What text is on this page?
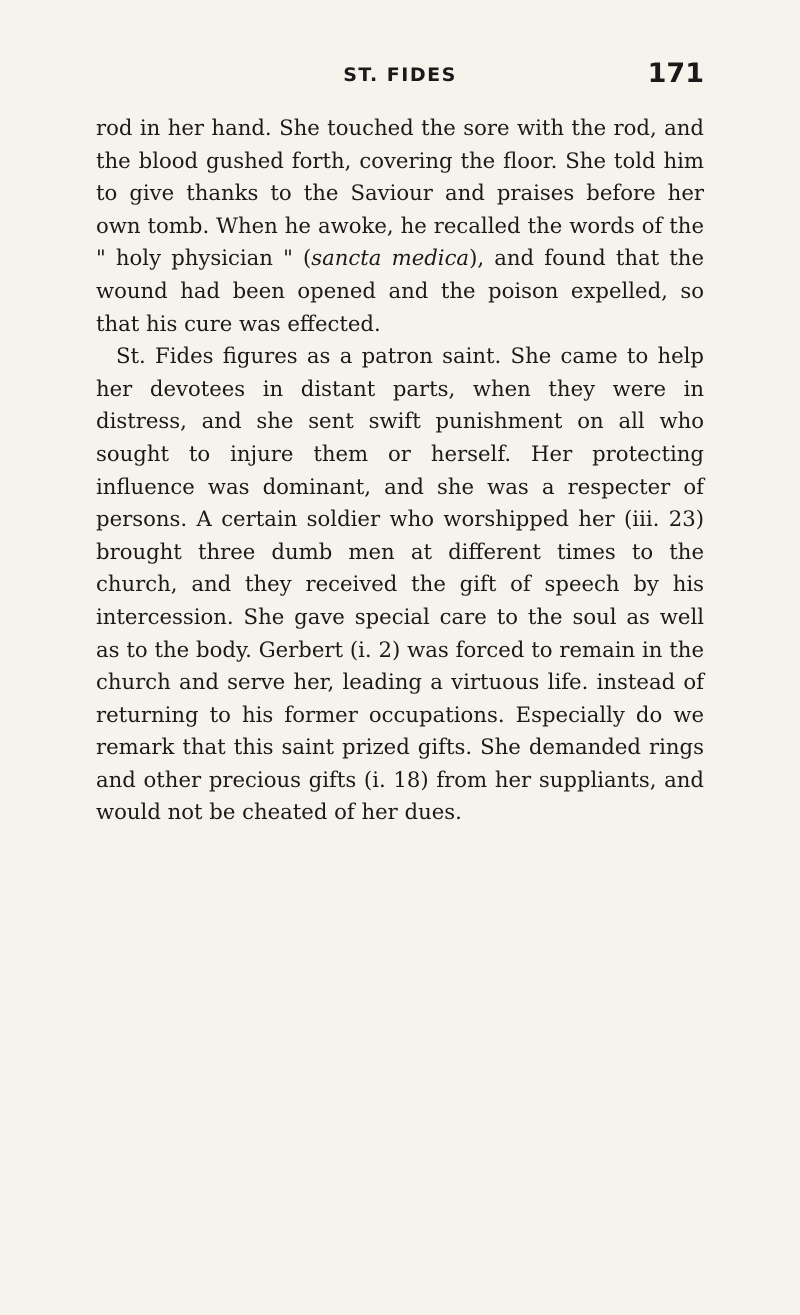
ST. FIDES	171

rod in her hand. She touched the sore with the rod, and the blood gushed forth, covering the floor. She told him to give thanks to the Saviour and praises before her own tomb. When he awoke, he recalled the words of the " holy physician " (sancta medica), and found that the wound had been opened and the poison expelled, so that his cure was effected.

St. Fides figures as a patron saint. She came to help her devotees in distant parts, when they were in distress, and she sent swift punishment on all who sought to injure them or herself. Her protecting influence was dominant, and she was a respecter of persons. A certain soldier who worshipped her (iii. 23) brought three dumb men at different times to the church, and they received the gift of speech by his intercession. She gave special care to the soul as well as to the body. Gerbert (i. 2) was forced to remain in the church and serve her, leading a virtuous life. instead of returning to his former occupations. Especially do we remark that this saint prized gifts. She demanded rings and other precious gifts (i. 18) from her suppliants, and would not be cheated of her dues.
